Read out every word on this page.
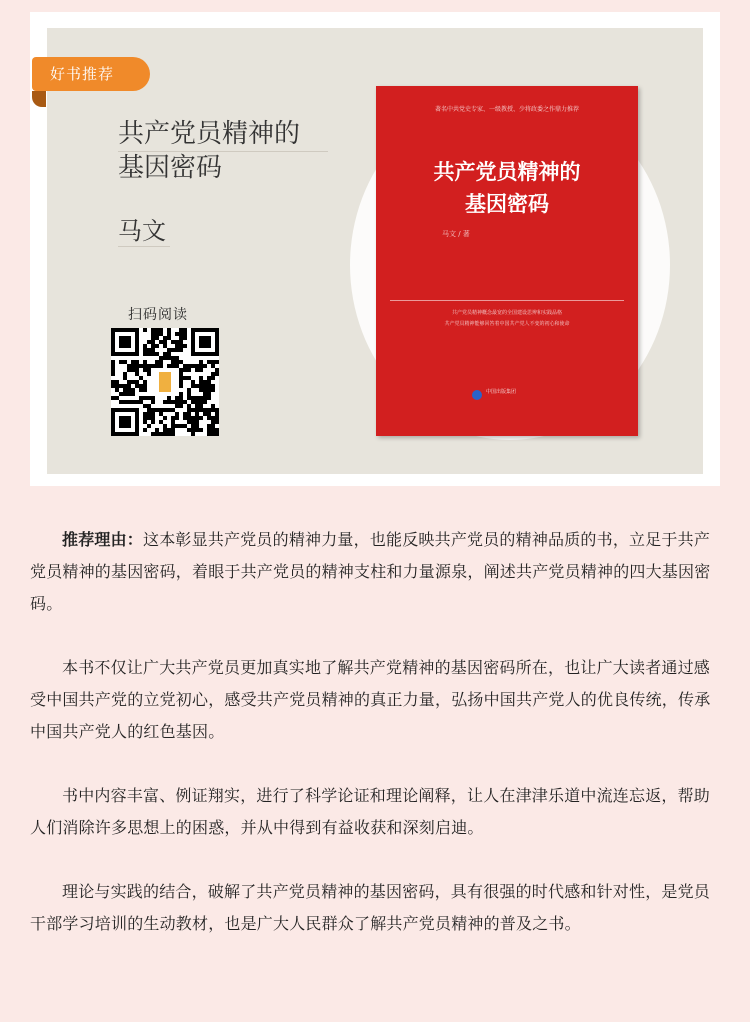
好书推荐
共产党员精神的
基因密码
马文
扫码阅读
著名中共党史专家、一级教授、少将政委之作鼎力推荐
共产党员精神的
基因密码
马文 / 著
共产党员精神概念最宽的全国建设思辨和实践品格
共产党员精神能够回答着中国共产党人不变的初心和使命
中国出版集团

推荐理由：这本彰显共产党员的精神力量，也能反映共产党员的精神品质的书，立足于共产党员精神的基因密码，着眼于共产党员的精神支柱和力量源泉，阐述共产党员精神的四大基因密码。

本书不仅让广大共产党员更加真实地了解共产党精神的基因密码所在，也让广大读者通过感受中国共产党的立党初心，感受共产党员精神的真正力量，弘扬中国共产党人的优良传统，传承中国共产党人的红色基因。

书中内容丰富、例证翔实，进行了科学论证和理论阐释，让人在津津乐道中流连忘返，帮助人们消除许多思想上的困惑，并从中得到有益收获和深刻启迪。

理论与实践的结合，破解了共产党员精神的基因密码，具有很强的时代感和针对性，是党员干部学习培训的生动教材，也是广大人民群众了解共产党员精神的普及之书。
